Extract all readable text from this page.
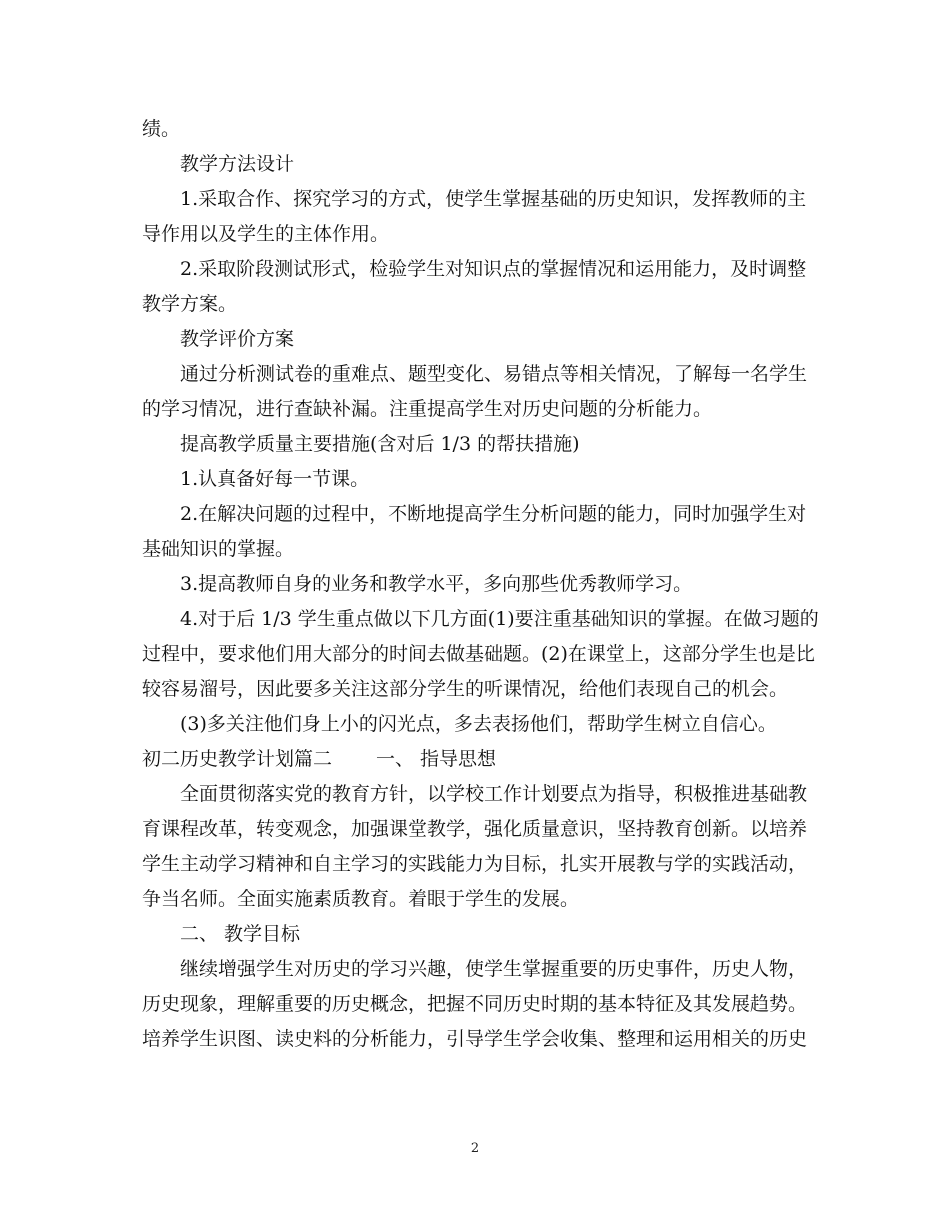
绩。
教学方法设计
1.采取合作、探究学习的方式，使学生掌握基础的历史知识，发挥教师的主
导作用以及学生的主体作用。
2.采取阶段测试形式，检验学生对知识点的掌握情况和运用能力，及时调整
教学方案。
教学评价方案
通过分析测试卷的重难点、题型变化、易错点等相关情况，了解每一名学生
的学习情况，进行查缺补漏。注重提高学生对历史问题的分析能力。
提高教学质量主要措施(含对后 1/3 的帮扶措施)
1.认真备好每一节课。
2.在解决问题的过程中，不断地提高学生分析问题的能力，同时加强学生对
基础知识的掌握。
3.提高教师自身的业务和教学水平，多向那些优秀教师学习。
4.对于后 1/3 学生重点做以下几方面(1)要注重基础知识的掌握。在做习题的
过程中，要求他们用大部分的时间去做基础题。(2)在课堂上，这部分学生也是比
较容易溜号，因此要多关注这部分学生的听课情况，给他们表现自己的机会。
(3)多关注他们身上小的闪光点，多去表扬他们，帮助学生树立自信心。
初二历史教学计划篇二 一、 指导思想
全面贯彻落实党的教育方针，以学校工作计划要点为指导，积极推进基础教
育课程改革，转变观念，加强课堂教学，强化质量意识，坚持教育创新。以培养
学生主动学习精神和自主学习的实践能力为目标，扎实开展教与学的实践活动，
争当名师。全面实施素质教育。着眼于学生的发展。
二、 教学目标
继续增强学生对历史的学习兴趣，使学生掌握重要的历史事件，历史人物，
历史现象，理解重要的历史概念，把握不同历史时期的基本特征及其发展趋势。
培养学生识图、读史料的分析能力，引导学生学会收集、整理和运用相关的历史
2
